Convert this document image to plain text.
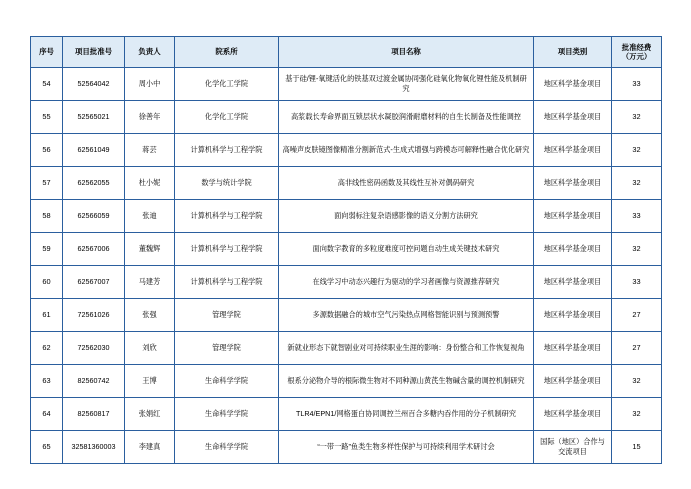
序号	项目批准号	负责人	院系所	项目名称	项目类别	批准经费
（万元）

54	52564042	周小中	化学化工学院	基于硅/锂-氧键活化的铁基双过渡金属协同强化硅氧化物氧化锂性能及机制研究	地区科学基金项目	33
55	52565021	徐善年	化学化工学院	高浆载长寿命界面互锁层状水凝胶润滑耐磨材料的自生长制备及性能调控	地区科学基金项目	32
56	62561049	蒋芸	计算机科学与工程学院	高噪声皮肤镜图像精准分割新范式-生成式增强与跨模态可解释性融合优化研究	地区科学基金项目	32
57	62562055	杜小妮	数学与统计学院	高非线性密码函数及其线性互补对偶码研究	地区科学基金项目	32
58	62566059	张迪	计算机科学与工程学院	面向弱标注复杂语感影像的语义分割方法研究	地区科学基金项目	33
59	62567006	董魏辉	计算机科学与工程学院	面向数字教育的多粒度难度可控问题自动生成关键技术研究	地区科学基金项目	32
60	62567007	马建芳	计算机科学与工程学院	在线学习中动态兴趣行为驱动的学习者画像与资源推荐研究	地区科学基金项目	33
61	72561026	张强	管理学院	多源数据融合的城市空气污染热点网格智能识别与预测预警	地区科学基金项目	27
62	72562030	刘欣	管理学院	新就业形态下就智剧业对可持续职业生涯的影响：身份整合和工作恢复视角	地区科学基金项目	27
63	82560742	王博	生命科学学院	根系分泌物介导的根际微生物对不同种源山黄芪生物碱含量的调控机制研究	地区科学基金项目	32
64	82560817	张娟红	生命科学学院	TLR4/EPN1/网格蛋白协同调控兰州百合多糖内吞作用的分子机制研究	地区科学基金项目	32
65	32581360003	李建真	生命科学学院	“一带一路”鱼类生物多样性保护与可持续利用学术研讨会	国际（地区）合作与交流项目	15
